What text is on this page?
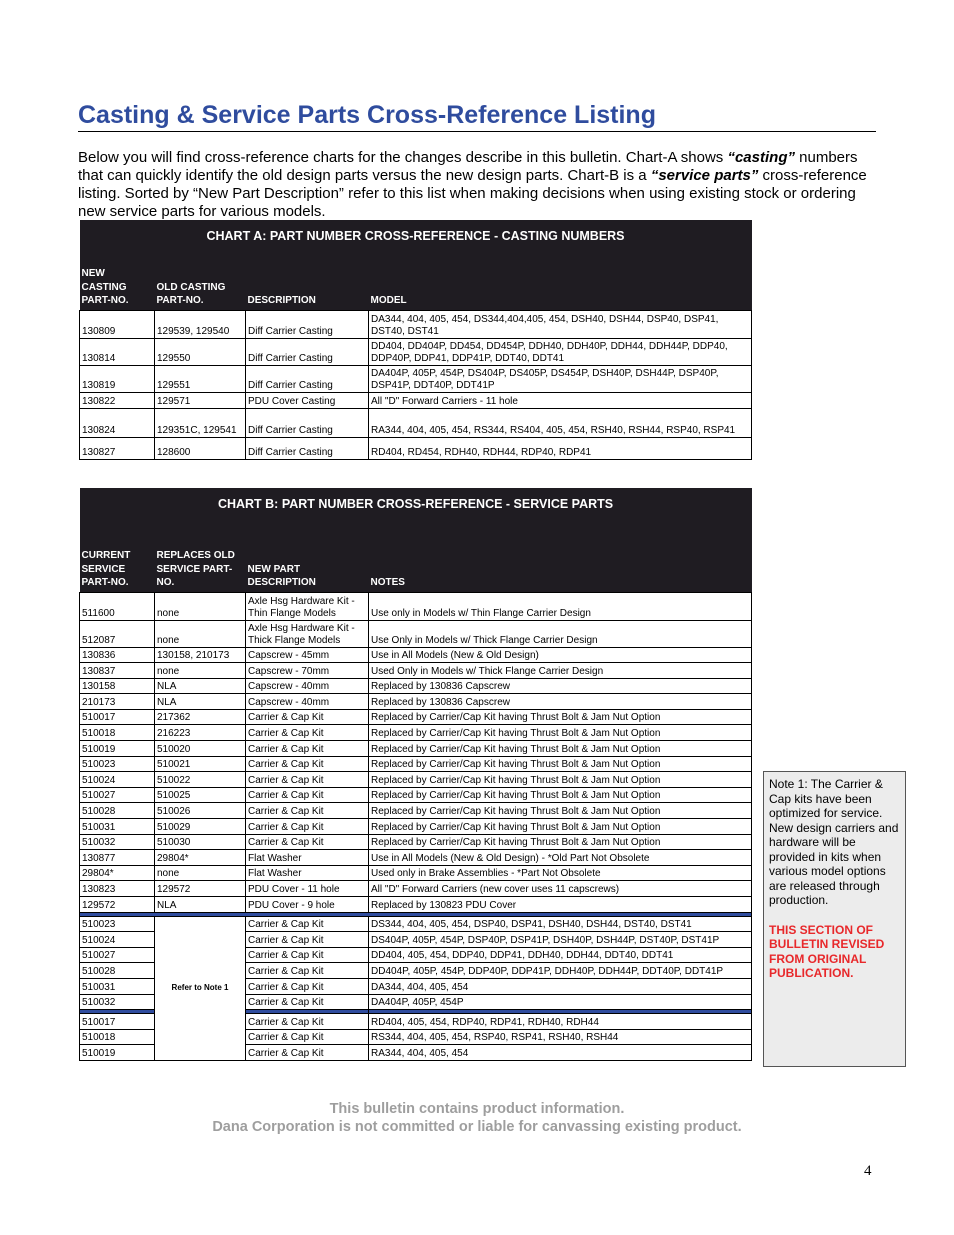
Casting & Service Parts Cross-Reference Listing
Below you will find cross-reference charts for the changes describe in this bulletin. Chart-A shows “casting” numbers that can quickly identify the old design parts versus the new design parts. Chart-B is a “service parts” cross-reference listing. Sorted by “New Part Description” refer to this list when making decisions when using existing stock or ordering new service parts for various models.
CHART A: PART NUMBER CROSS-REFERENCE - CASTING NUMBERS			
NEW CASTING PART-NO.	OLD CASTING PART-NO.	DESCRIPTION	MODEL
130809	129539, 129540	Diff Carrier Casting	DA344, 404, 405, 454, DS344,404,405, 454, DSH40, DSH44, DSP40, DSP41, DST40, DST41
130814	129550	Diff Carrier Casting	DD404, DD404P, DD454, DD454P, DDH40, DDH40P, DDH44, DDH44P, DDP40, DDP40P, DDP41, DDP41P, DDT40, DDT41
130819	129551	Diff Carrier Casting	DA404P, 405P, 454P, DS404P, DS405P, DS454P, DSH40P, DSH44P, DSP40P, DSP41P, DDT40P, DDT41P
130822	129571	PDU Cover Casting	All "D" Forward Carriers - 11 hole
130824	129351C, 129541	Diff Carrier Casting	RA344, 404, 405, 454, RS344, RS404, 405, 454, RSH40, RSH44, RSP40, RSP41
130827	128600	Diff Carrier Casting	RD404, RD454, RDH40, RDH44, RDP40, RDP41
CHART B: PART NUMBER CROSS-REFERENCE - SERVICE PARTS			
CURRENT SERVICE PART-NO.	REPLACES OLD SERVICE PART-NO.	NEW PART DESCRIPTION	NOTES
511600	none	Axle Hsg Hardware Kit - Thin Flange Models	Use only in Models w/ Thin Flange Carrier Design
512087	none	Axle Hsg Hardware Kit - Thick Flange Models	Use Only in Models w/ Thick Flange Carrier Design
130836	130158, 210173	Capscrew - 45mm	Use in All Models (New & Old Design)
130837	none	Capscrew - 70mm	Used Only in Models w/ Thick Flange Carrier Design
130158	NLA	Capscrew - 40mm	Replaced by 130836 Capscrew
210173	NLA	Capscrew - 40mm	Replaced by 130836 Capscrew
510017	217362	Carrier & Cap Kit	Replaced by Carrier/Cap Kit having Thrust Bolt & Jam Nut Option
510018	216223	Carrier & Cap Kit	Replaced by Carrier/Cap Kit having Thrust Bolt & Jam Nut Option
510019	510020	Carrier & Cap Kit	Replaced by Carrier/Cap Kit having Thrust Bolt & Jam Nut Option
510023	510021	Carrier & Cap Kit	Replaced by Carrier/Cap Kit having Thrust Bolt & Jam Nut Option
510024	510022	Carrier & Cap Kit	Replaced by Carrier/Cap Kit having Thrust Bolt & Jam Nut Option
510027	510025	Carrier & Cap Kit	Replaced by Carrier/Cap Kit having Thrust Bolt & Jam Nut Option
510028	510026	Carrier & Cap Kit	Replaced by Carrier/Cap Kit having Thrust Bolt & Jam Nut Option
510031	510029	Carrier & Cap Kit	Replaced by Carrier/Cap Kit having Thrust Bolt & Jam Nut Option
510032	510030	Carrier & Cap Kit	Replaced by Carrier/Cap Kit having Thrust Bolt & Jam Nut Option
130877	29804*	Flat Washer	Use in All Models (New & Old Design) - *Old Part Not Obsolete
29804*	none	Flat Washer	Used only in Brake Assemblies - *Part Not Obsolete
130823	129572	PDU Cover - 11 hole	All "D" Forward Carriers (new cover uses 11 capscrews)
129572	NLA	PDU Cover - 9 hole	Replaced by 130823 PDU Cover

510023	Refer to Note 1	Carrier & Cap Kit	DS344, 404, 405, 454, DSP40, DSP41, DSH40, DSH44, DST40, DST41
510024		Carrier & Cap Kit	DS404P, 405P, 454P, DSP40P, DSP41P, DSH40P, DSH44P, DST40P, DST41P
510027		Carrier & Cap Kit	DD404, 405, 454, DDP40, DDP41, DDH40, DDH44, DDT40, DDT41
510028		Carrier & Cap Kit	DD404P, 405P, 454P, DDP40P, DDP41P, DDH40P, DDH44P, DDT40P, DDT41P
510031		Carrier & Cap Kit	DA344, 404, 405, 454
510032		Carrier & Cap Kit	DA404P, 405P, 454P

510017		Carrier & Cap Kit	RD404, 405, 454, RDP40, RDP41, RDH40, RDH44
510018		Carrier & Cap Kit	RS344, 404, 405, 454, RSP40, RSP41, RSH40, RSH44
510019		Carrier & Cap Kit	RA344, 404, 405, 454
Note 1: The Carrier & Cap kits have been optimized for service. New design carriers and hardware will be provided in kits when various model options are released through production.
THIS SECTION OF BULLETIN REVISED FROM ORIGINAL PUBLICATION.
This bulletin contains product information.
Dana Corporation is not committed or liable for canvassing existing product.
4
